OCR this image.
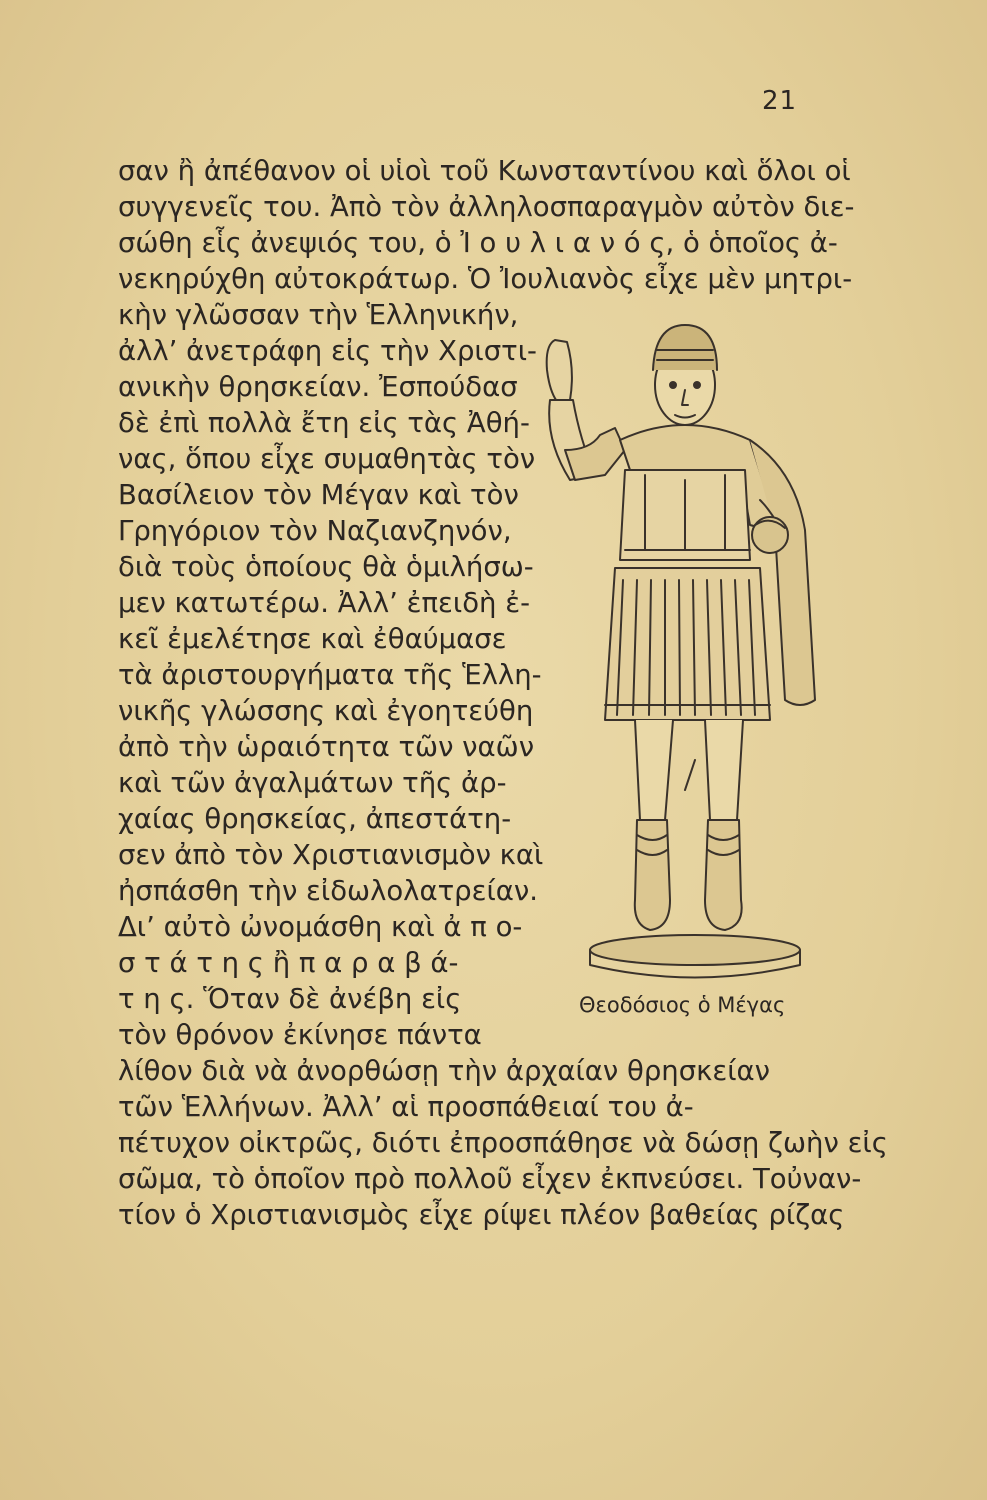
21
σαν ἢ ἀπέθανον οἱ υἱοὶ τοῦ Κωνσταντίνου καὶ ὅλοι οἱ
συγγενεῖς του. Ἀπὸ τὸν ἀλληλοσπαραγμὸν αὐτὸν διε-
σώθη εἷς ἀνεψιός του, ὁ Ἰ ο υ λ ι α ν ό ς, ὁ ὁποῖος ἀ-
νεκηρύχθη αὐτοκράτωρ. Ὁ Ἰουλιανὸς εἶχε μὲν μητρι-
κὴν γλῶσσαν τὴν Ἑλληνικήν,
ἀλλ’ ἀνετράφη εἰς τὴν Χριστι-
ανικὴν θρησκείαν. Ἐσπούδασ
δὲ ἐπὶ πολλὰ ἔτη εἰς τὰς Ἀθή-
νας, ὅπου εἶχε συμαθητὰς τὸν
Βασίλειον τὸν Μέγαν καὶ τὸν
Γρηγόριον τὸν Ναζιανζηνόν,
διὰ τοὺς ὁποίους θὰ ὁμιλήσω-
μεν κατωτέρω. Ἀλλ’ ἐπειδὴ ἐ-
κεῖ ἐμελέτησε καὶ ἐθαύμασε
τὰ ἀριστουργήματα τῆς Ἑλλη-
νικῆς γλώσσης καὶ ἐγοητεύθη
ἀπὸ τὴν ὡραιότητα τῶν ναῶν
καὶ τῶν ἀγαλμάτων τῆς ἀρ-
χαίας θρησκείας, ἀπεστάτη-
σεν ἀπὸ τὸν Χριστιανισμὸν καὶ
ἠσπάσθη τὴν εἰδωλολατρείαν.
Δι’ αὐτὸ ὠνομάσθη καὶ ἀ π ο-
σ τ ά τ η ς ἢ π α ρ α β ά-
τ η ς. Ὅταν δὲ ἀνέβη εἰς
τὸν θρόνον ἐκίνησε πάντα
λίθον διὰ νὰ ἀνορθώσῃ τὴν ἀρχαίαν θρησκείαν
τῶν Ἑλλήνων. Ἀλλ’ αἱ προσπάθειαί του ἀ-
πέτυχον οἰκτρῶς, διότι ἐπροσπάθησε νὰ δώσῃ ζωὴν εἰς
σῶμα, τὸ ὁποῖον πρὸ πολλοῦ εἶχεν ἐκπνεύσει. Τοὐναν-
τίον ὁ Χριστιανισμὸς εἶχε ρίψει πλέον βαθείας ρίζας
Θεοδόσιος ὁ Μέγας
